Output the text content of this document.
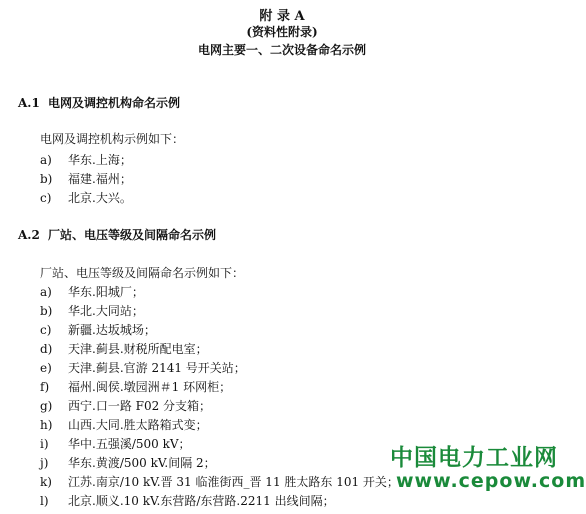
附 录 A
(资料性附录)
电网主要一、二次设备命名示例
A.1 电网及调控机构命名示例
电网及调控机构示例如下：
a) 华东.上海；
b) 福建.福州；
c) 北京.大兴。
A.2 厂站、电压等级及间隔命名示例
厂站、电压等级及间隔命名示例如下：
a) 华东.阳城厂；
b) 华北.大同站；
c) 新疆.达坂城场；
d) 天津.蓟县.财税所配电室；
e) 天津.蓟县.官游 2141 号开关站；
f) 福州.闽侯.墩园洲＃1 环网柜；
g) 西宁.口一路 F02 分支箱；
h) 山西.大同.胜太路箱式变；
i) 华中.五强溪/500 kV；
j) 华东.黄渡/500 kV.间隔 2；
k) 江苏.南京/10 kV.晋 31 临淮街西_晋 11 胜太路东 101 开关；
l) 北京.顺义.10 kV.东营路/东营路.2211 出线间隔；
中国电力工业网
www.cepow.com
